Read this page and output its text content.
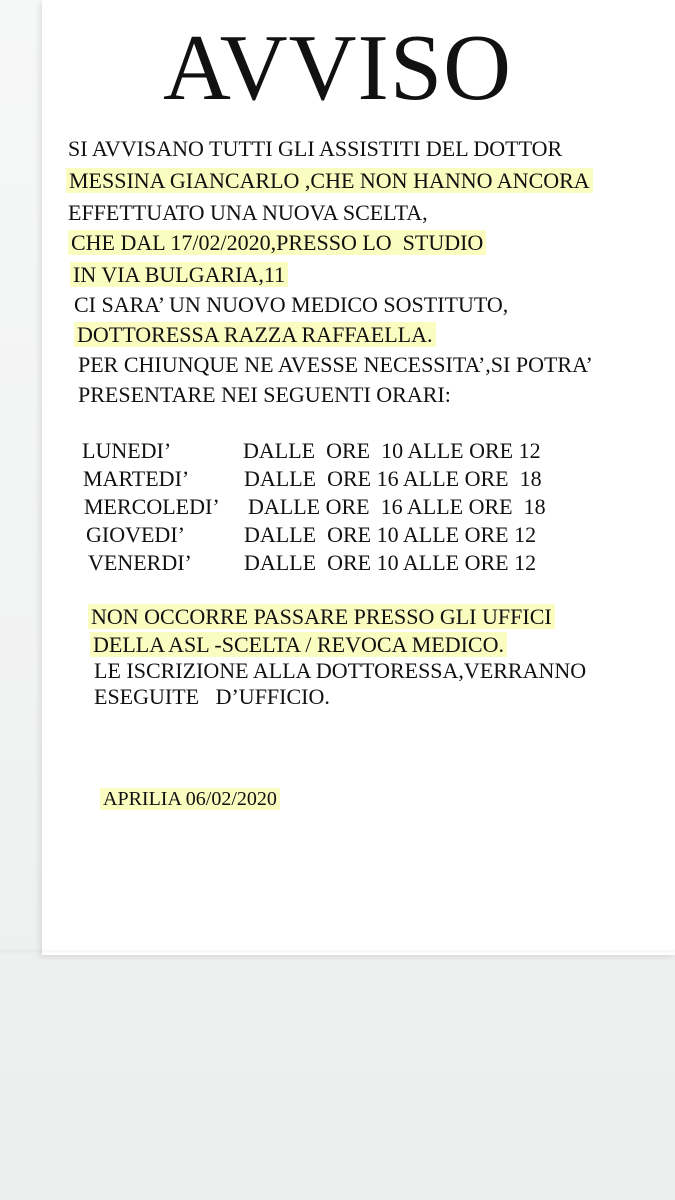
AVVISO
SI AVVISANO TUTTI GLI ASSISTITI DEL DOTTOR
MESSINA GIANCARLO ,CHE NON HANNO ANCORA
EFFETTUATO UNA NUOVA SCELTA,
CHE DAL 17/02/2020,PRESSO LO  STUDIO
IN VIA BULGARIA,11
CI SARA’ UN NUOVO MEDICO SOSTITUTO,
DOTTORESSA RAZZA RAFFAELLA.
PER CHIUNQUE NE AVESSE NECESSITA’,SI POTRA’
PRESENTARE NEI SEGUENTI ORARI:
LUNEDI’	DALLE  ORE  10 ALLE ORE 12
MARTEDI’ DALLE  ORE 16 ALLE ORE  18
MERCOLEDI’ DALLE ORE  16 ALLE ORE  18
GIOVEDI’	DALLE  ORE 10 ALLE ORE 12
VENERDI’ DALLE  ORE 10 ALLE ORE 12
NON OCCORRE PASSARE PRESSO GLI UFFICI
DELLA ASL -SCELTA / REVOCA MEDICO.
LE ISCRIZIONE ALLA DOTTORESSA,VERRANNO
ESEGUITE   D’UFFICIO.
APRILIA 06/02/2020
